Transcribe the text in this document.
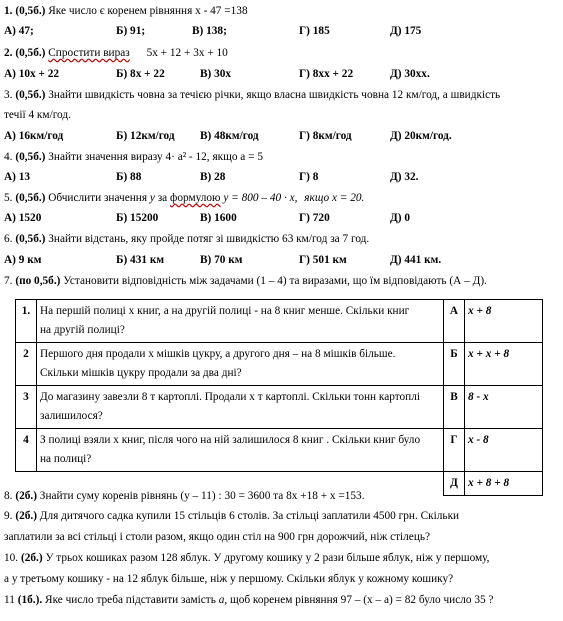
1. (0,5б.) Яке число є коренем рівняння х - 47 =138
А) 47;	Б) 91;	В) 138;	Г) 185	Д) 175
2. (0,5б.) Спростити вираз 5x + 12 + 3x + 10
А) 10x + 22	Б) 8x + 22	В) 30x	Г) 8xx + 22	Д) 30xx.
3. (0,5б.) Знайти швидкість човна за течією річки, якщо власна швидкість човна 12 км/год, а швидкість
течії 4 км/год.
А) 16км/год	Б) 12км/год В) 48км/год	Г) 8км/год	Д) 20км/год.
4. (0,5б.) Знайти значення виразу 4· a² - 12, якщо a = 5
А) 13	Б) 88	В) 28	Г) 8	Д) 32.
5. (0,5б.) Обчислити значення y за формулою y = 800 – 40 · x, якщо x = 20.
А) 1520	Б) 15200	В) 1600	Г) 720	Д) 0
6. (0,5б.) Знайти відстань, яку пройде потяг зі швидкістю 63 км/год за 7 год.
А) 9 км	Б) 431 км	В) 70 км	Г) 501 км	Д) 441 км.
7. (по 0,5б.) Установити відповідність між задачами (1 – 4) та виразами, що їм відповідають (А – Д).
1.	На першій полиці x книг, а на другій полиці - на 8 книг менше. Скільки книг
на другій полиці?	А	x + 8
2	Першого дня продали x мішків цукру, а другого дня – на 8 мішків більше.
Скільки мішків цукру продали за два дні?	Б	x + x + 8
3	До магазину завезли 8 т картоплі. Продали x т картоплі. Скільки тонн картоплі
залишилося?	В	8 - x
4	З полиці взяли x книг, після чого на ній залишилося 8 книг . Скільки книг було
на полиці?	Г	x - 8
		Д	x + 8 + 8
8. (2б.) Знайти суму коренів рівнянь (y – 11) : 30 = 3600 та 8x +18 + x =153.
9. (2б.) Для дитячого садка купили 15 стільців 6 столів. За стільці заплатили 4500 грн. Скільки
заплатили за всі стільці і столи разом, якщо один стіл на 900 грн дорожчий, ніж стілець?
10. (2б.) У трьох кошиках разом 128 яблук. У другому кошику у 2 рази більше яблук, ніж у першому,
а у третьому кошику - на 12 яблук більше, ніж у першому. Скільки яблук у кожному кошику?
11 (1б.). Яке число треба підставити замість a, щоб коренем рівняння 97 – (x – a) = 82 було число 35 ?
